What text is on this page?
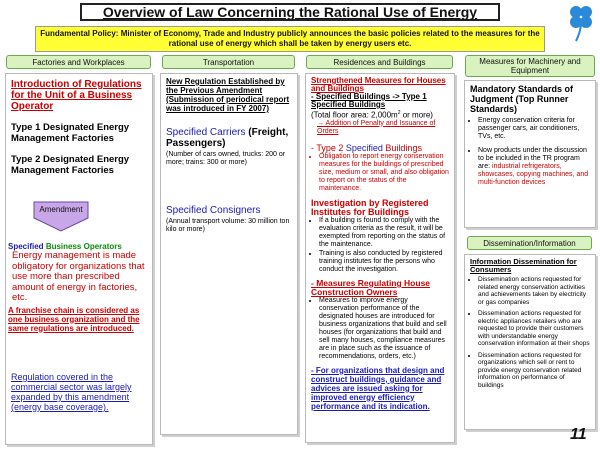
Overview of Law Concerning the Rational Use of Energy
Fundamental Policy: Minister of Economy, Trade and Industry publicly announces the basic policies related to the measures for the rational use of energy which shall be taken by energy users etc.
Factories and Workplaces	Transportation	Residences and Buildings	Measures for Machinery and Equipment
Introduction of Regulations for the Unit of a Business Operator
Type 1 Designated Energy Management Factories
Type 2 Designated Energy Management Factories
Amendment
Specified Business Operators
Energy management is made obligatory for organizations that use more than prescribed amount of energy in factories, etc.
A franchise chain is considered as one business organization and the same regulations are introduced.
Regulation covered in the commercial sector was largely expanded by this amendment (energy base coverage).
New Regulation Established by the Previous Amendment (Submission of periodical report was introduced in FY 2007)
Specified Carriers (Freight, Passengers)
(Number of cars owned, trucks: 200 or more; trains: 300 or more)
Specified Consigners
(Annual transport volume: 30 million ton kilo or more)
Strengthened Measures for Houses and Buildings
- Specified Buildings -> Type 1 Specified Buildings
(Total floor area: $2,000m^2$ or more)
→ Addition of Penalty and Issuance of Orders
- Type 2 Specified Buildings
• Obligation to report energy conservation measures for the buildings of prescribed size, medium or small, and also obligation to report on the status of the maintenance.
Investigation by Registered Institutes for Buildings
• If a building is found to comply with the evaluation criteria as the result, it will be exempted from reporting on the status of the maintenance.
• Training is also conducted by registered training institutes for the persons who conduct the investigation.
- Measures Regulating House Construction Owners
• Measures to improve energy conservation performance of the designated houses are introduced for business organizations that build and sell houses (for organizations that build and sell many houses, compliance measures are in place such as the issuance of recommendations, orders, etc.)
- For organizations that design and construct buildings, guidance and advices are issued asking for improved energy efficiency performance and its indication.
Mandatory Standards of Judgment (Top Runner Standards)
• Energy conservation criteria for passenger cars, air conditioners, TVs, etc.
• Now products under the discussion to be included in the TR program are: industrial refrigerators, showcases, copying machines, and multi-function devices
Dissemination/Information
Information Dissemination for Consumers
• Dissemination actions requested for related energy conservation activities and achievements taken by electricity or gas companies
• Dissemination actions requested for electric appliances retailers who are requested to provide their customers with understandable energy conservation information at their shops
• Dissemination actions requested for organizations which sell or rent to provide energy conservation related information on performance of buildings
11
